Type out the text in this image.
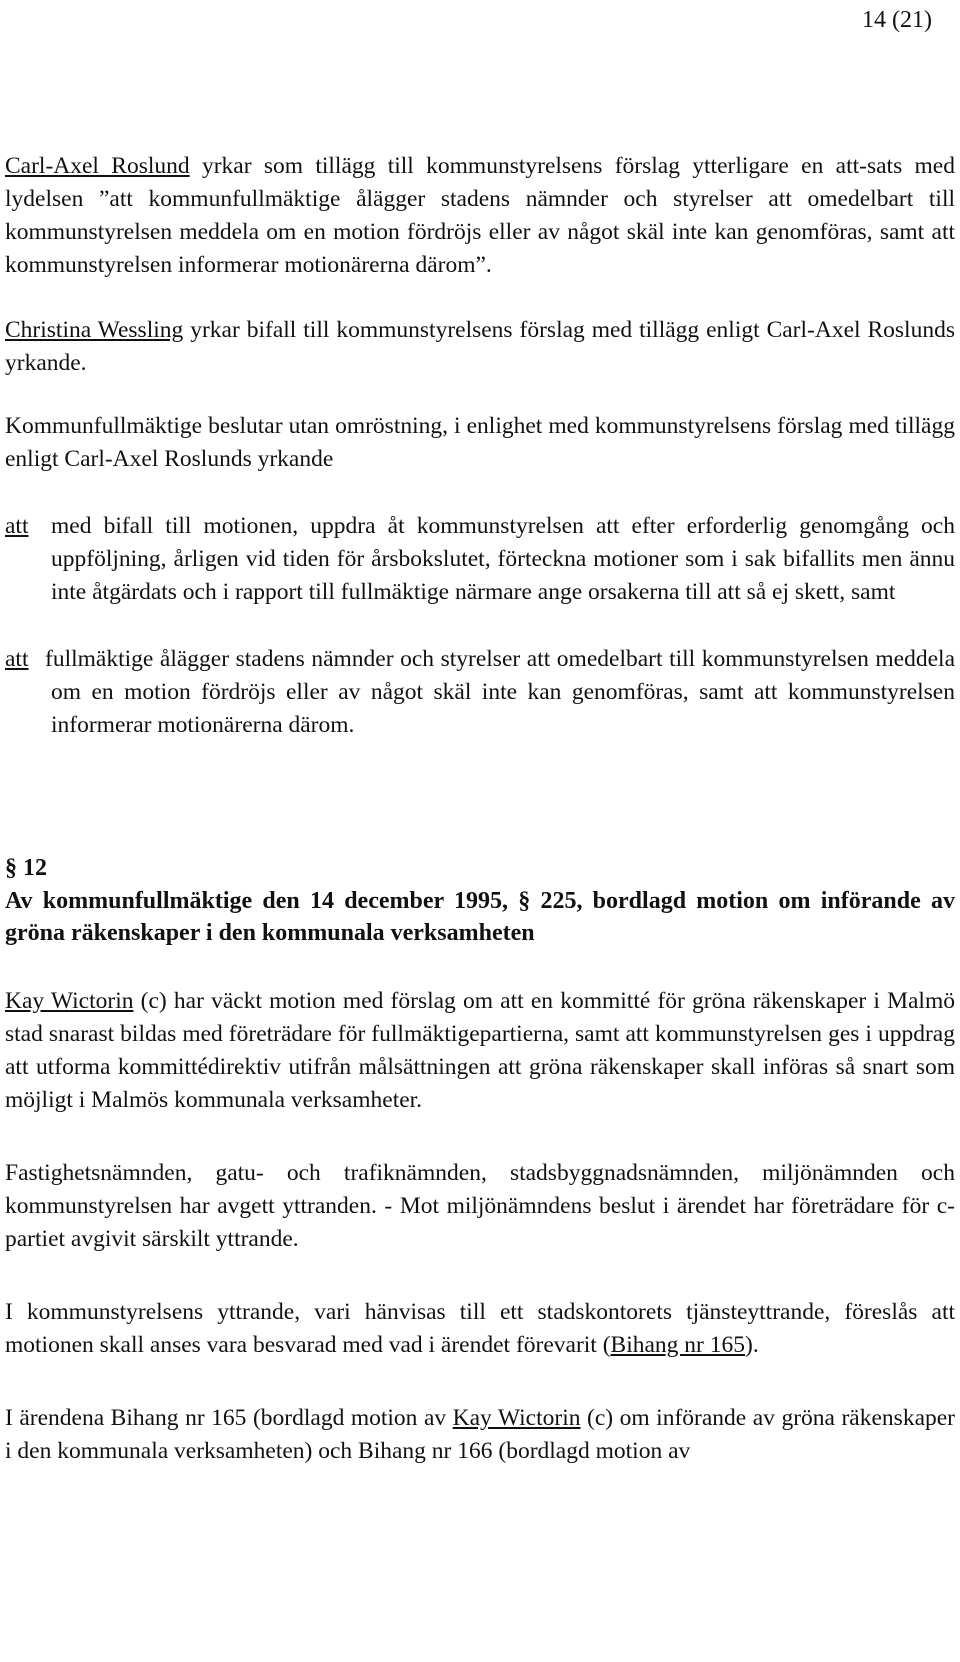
14 (21)

Carl-Axel Roslund yrkar som tillägg till kommunstyrelsens förslag ytterligare en att-sats med lydelsen ”att kommunfullmäktige ålägger stadens nämnder och styrelser att omedelbart till kommunstyrelsen meddela om en motion fördröjs eller av något skäl inte kan genomföras, samt att kommunstyrelsen informerar motionärerna därom”.

Christina Wessling yrkar bifall till kommunstyrelsens förslag med tillägg enligt Carl-Axel Roslunds yrkande.

Kommunfullmäktige beslutar utan omröstning, i enlighet med kommunstyrelsens förslag med tillägg enligt Carl-Axel Roslunds yrkande

att med bifall till motionen, uppdra åt kommunstyrelsen att efter erforderlig genomgång och uppföljning, årligen vid tiden för årsbokslutet, förteckna motioner som i sak bifallits men ännu inte åtgärdats och i rapport till fullmäktige närmare ange orsakerna till att så ej skett, samt
att fullmäktige ålägger stadens nämnder och styrelser att omedelbart till kommunstyrelsen meddela om en motion fördröjs eller av något skäl inte kan genomföras, samt att kommunstyrelsen informerar motionärerna därom.
§ 12
Av kommunfullmäktige den 14 december 1995, § 225, bordlagd motion om införande av gröna räkenskaper i den kommunala verksamheten

Kay Wictorin (c) har väckt motion med förslag om att en kommitté för gröna räkenskaper i Malmö stad snarast bildas med företrädare för fullmäktigepartierna, samt att kommunstyrelsen ges i uppdrag att utforma kommittédirektiv utifrån målsättningen att gröna räkenskaper skall införas så snart som möjligt i Malmös kommunala verksamheter.

Fastighetsnämnden, gatu- och trafiknämnden, stadsbyggnadsnämnden, miljönämnden och kommunstyrelsen har avgett yttranden. - Mot miljönämndens beslut i ärendet har företrädare för c-partiet avgivit särskilt yttrande.

I kommunstyrelsens yttrande, vari hänvisas till ett stadskontorets tjänsteyttrande, föreslås att motionen skall anses vara besvarad med vad i ärendet förevarit (Bihang nr 165).

I ärendena Bihang nr 165 (bordlagd motion av Kay Wictorin (c) om införande av gröna räkenskaper i den kommunala verksamheten) och Bihang nr 166 (bordlagd motion av
